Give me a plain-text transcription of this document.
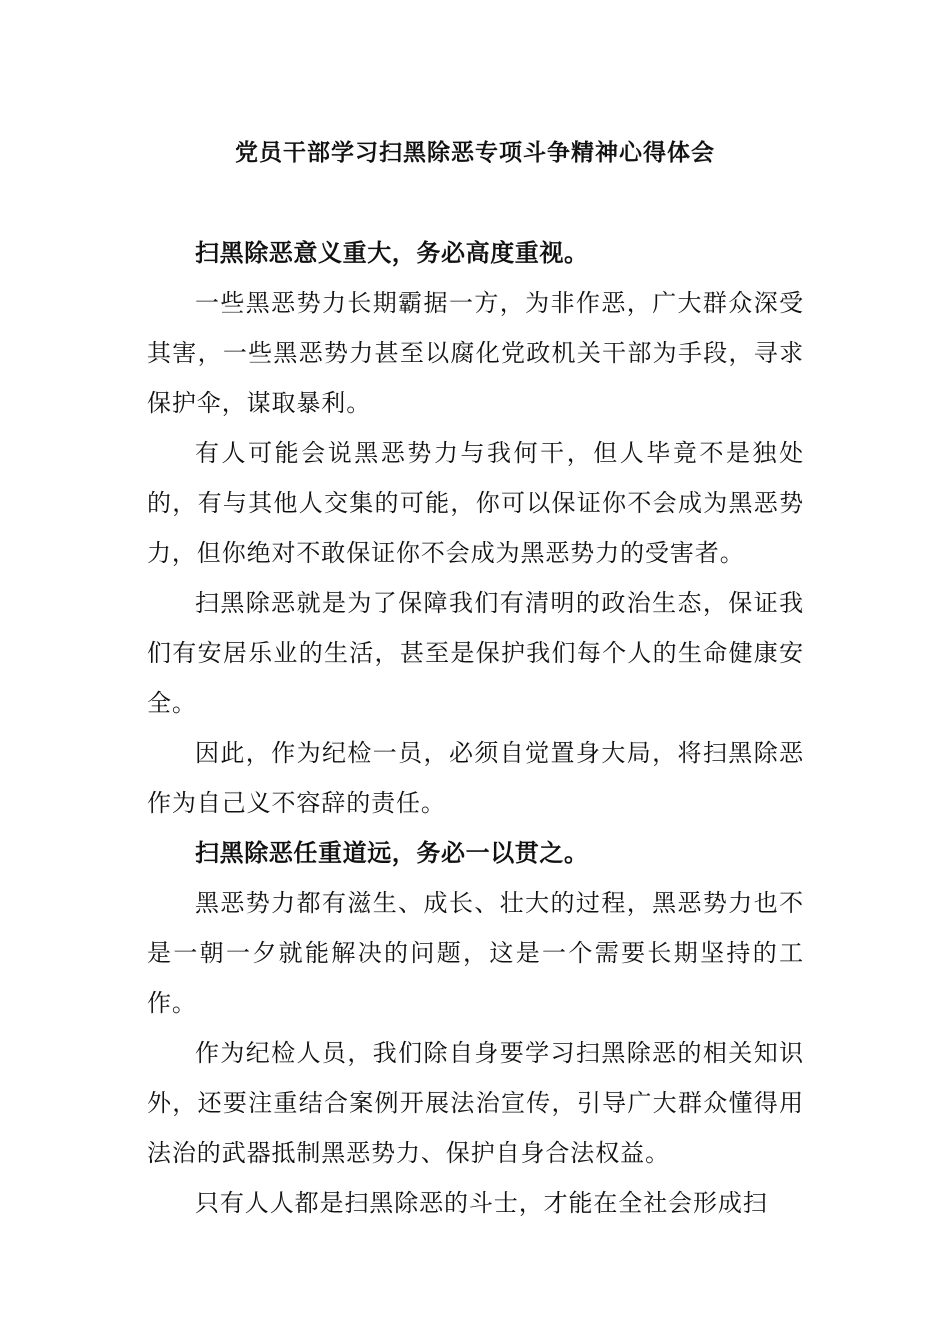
党员干部学习扫黑除恶专项斗争精神心得体会

扫黑除恶意义重大，务必高度重视。

一些黑恶势力长期霸据一方，为非作恶，广大群众深受其害，一些黑恶势力甚至以腐化党政机关干部为手段，寻求保护伞，谋取暴利。

有人可能会说黑恶势力与我何干，但人毕竟不是独处的，有与其他人交集的可能，你可以保证你不会成为黑恶势力，但你绝对不敢保证你不会成为黑恶势力的受害者。

扫黑除恶就是为了保障我们有清明的政治生态，保证我们有安居乐业的生活，甚至是保护我们每个人的生命健康安全。

因此，作为纪检一员，必须自觉置身大局，将扫黑除恶作为自己义不容辞的责任。

扫黑除恶任重道远，务必一以贯之。

黑恶势力都有滋生、成长、壮大的过程，黑恶势力也不是一朝一夕就能解决的问题，这是一个需要长期坚持的工作。

作为纪检人员，我们除自身要学习扫黑除恶的相关知识外，还要注重结合案例开展法治宣传，引导广大群众懂得用法治的武器抵制黑恶势力、保护自身合法权益。

只有人人都是扫黑除恶的斗士，才能在全社会形成扫
